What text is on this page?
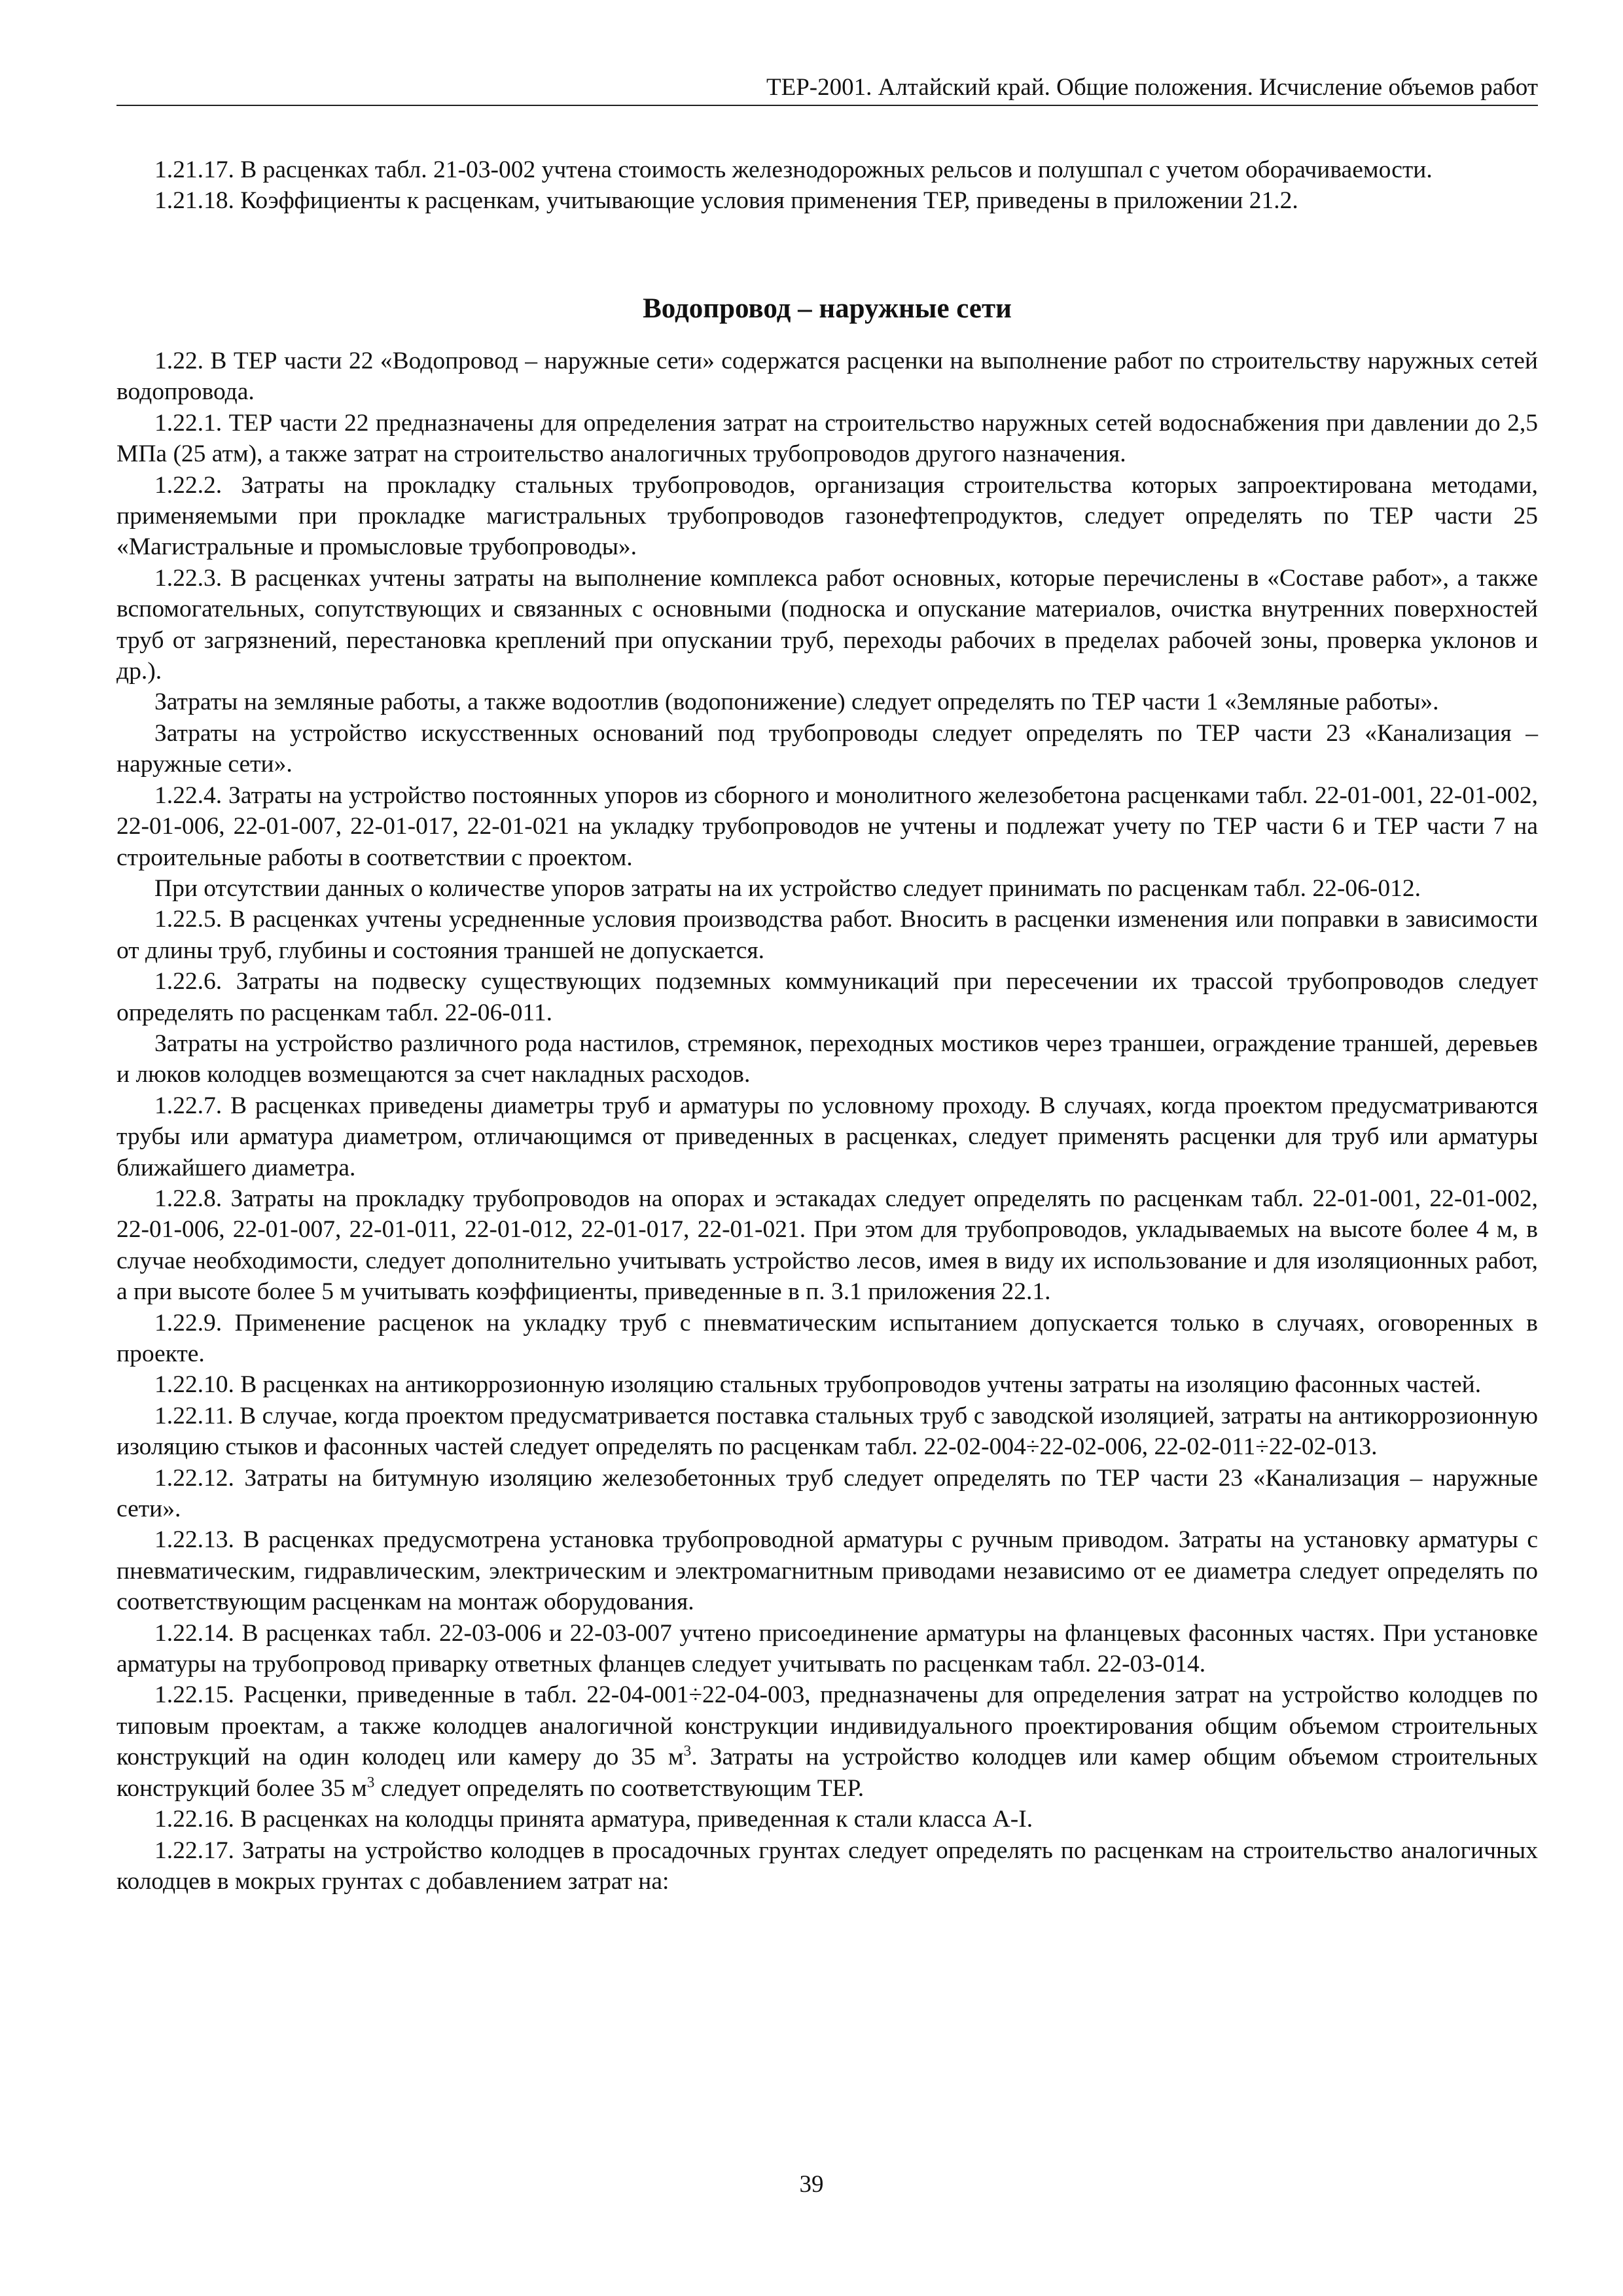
ТЕР-2001. Алтайский край. Общие положения. Исчисление объемов работ

1.21.17. В расценках табл. 21-03-002 учтена стоимость железнодорожных рельсов и полушпал с учетом оборачиваемости.

1.21.18. Коэффициенты к расценкам, учитывающие условия применения ТЕР, приведены в приложении 21.2.

Водопровод – наружные сети

1.22. В ТЕР части 22 «Водопровод – наружные сети» содержатся расценки на выполнение работ по строительству наружных сетей водопровода.

1.22.1. ТЕР части 22 предназначены для определения затрат на строительство наружных сетей водоснабжения при давлении до 2,5 МПа (25 атм), а также затрат на строительство аналогичных трубопроводов другого назначения.

1.22.2. Затраты на прокладку стальных трубопроводов, организация строительства которых запроектирована методами, применяемыми при прокладке магистральных трубопроводов газонефтепродуктов, следует определять по ТЕР части 25 «Магистральные и промысловые трубопроводы».

1.22.3. В расценках учтены затраты на выполнение комплекса работ основных, которые перечислены в «Составе работ», а также вспомогательных, сопутствующих и связанных с основными (подноска и опускание материалов, очистка внутренних поверхностей труб от загрязнений, перестановка креплений при опускании труб, переходы рабочих в пределах рабочей зоны, проверка уклонов и др.).

Затраты на земляные работы, а также водоотлив (водопонижение) следует определять по ТЕР части 1 «Земляные работы».

Затраты на устройство искусственных оснований под трубопроводы следует определять по ТЕР части 23 «Канализация – наружные сети».

1.22.4. Затраты на устройство постоянных упоров из сборного и монолитного железобетона расценками табл. 22-01-001, 22-01-002, 22-01-006, 22-01-007, 22-01-017, 22-01-021 на укладку трубопроводов не учтены и подлежат учету по ТЕР части 6 и ТЕР части 7 на строительные работы в соответствии с проектом.

При отсутствии данных о количестве упоров затраты на их устройство следует принимать по расценкам табл. 22-06-012.

1.22.5. В расценках учтены усредненные условия производства работ. Вносить в расценки изменения или поправки в зависимости от длины труб, глубины и состояния траншей не допускается.

1.22.6. Затраты на подвеску существующих подземных коммуникаций при пересечении их трассой трубопроводов следует определять по расценкам табл. 22-06-011.

Затраты на устройство различного рода настилов, стремянок, переходных мостиков через траншеи, ограждение траншей, деревьев и люков колодцев возмещаются за счет накладных расходов.

1.22.7. В расценках приведены диаметры труб и арматуры по условному проходу. В случаях, когда проектом предусматриваются трубы или арматура диаметром, отличающимся от приведенных в расценках, следует применять расценки для труб или арматуры ближайшего диаметра.

1.22.8. Затраты на прокладку трубопроводов на опорах и эстакадах следует определять по расценкам табл. 22-01-001, 22-01-002, 22-01-006, 22-01-007, 22-01-011, 22-01-012, 22-01-017, 22-01-021. При этом для трубопроводов, укладываемых на высоте более 4 м, в случае необходимости, следует дополнительно учитывать устройство лесов, имея в виду их использование и для изоляционных работ, а при высоте более 5 м учитывать коэффициенты, приведенные в п. 3.1 приложения 22.1.

1.22.9. Применение расценок на укладку труб с пневматическим испытанием допускается только в случаях, оговоренных в проекте.

1.22.10. В расценках на антикоррозионную изоляцию стальных трубопроводов учтены затраты на изоляцию фасонных частей.

1.22.11. В случае, когда проектом предусматривается поставка стальных труб с заводской изоляцией, затраты на антикоррозионную изоляцию стыков и фасонных частей следует определять по расценкам табл. 22-02-004÷22-02-006, 22-02-011÷22-02-013.

1.22.12. Затраты на битумную изоляцию железобетонных труб следует определять по ТЕР части 23 «Канализация – наружные сети».

1.22.13. В расценках предусмотрена установка трубопроводной арматуры с ручным приводом. Затраты на установку арматуры с пневматическим, гидравлическим, электрическим и электромагнитным приводами независимо от ее диаметра следует определять по соответствующим расценкам на монтаж оборудования.

1.22.14. В расценках табл. 22-03-006 и 22-03-007 учтено присоединение арматуры на фланцевых фасонных частях. При установке арматуры на трубопровод приварку ответных фланцев следует учитывать по расценкам табл. 22-03-014.

1.22.15. Расценки, приведенные в табл. 22-04-001÷22-04-003, предназначены для определения затрат на устройство колодцев по типовым проектам, а также колодцев аналогичной конструкции индивидуального проектирования общим объемом строительных конструкций на один колодец или камеру до 35 $м^3$. Затраты на устройство колодцев или камер общим объемом строительных конструкций более 35 $м^3$ следует определять по соответствующим ТЕР.

1.22.16. В расценках на колодцы принята арматура, приведенная к стали класса А-I.

1.22.17. Затраты на устройство колодцев в просадочных грунтах следует определять по расценкам на строительство аналогичных колодцев в мокрых грунтах с добавлением затрат на:

39
